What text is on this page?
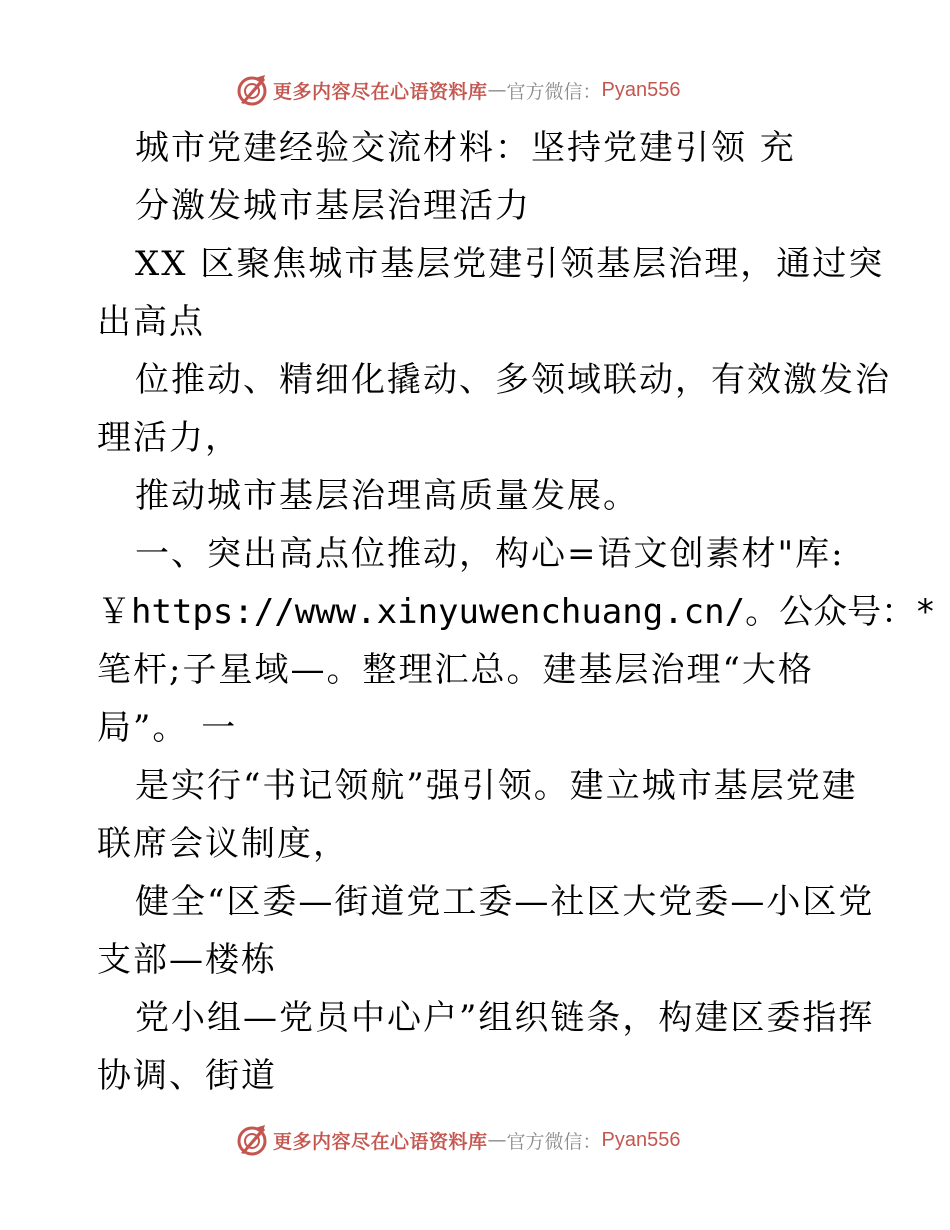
更多内容尽在心语资料库 — 官方微信： Pyan556
城市党建经验交流材料：坚持党建引领 充
分激发城市基层治理活力
XX 区聚焦城市基层党建引领基层治理，通过突
出高点
位推动、精细化撬动、多领域联动，有效激发治
理活力，
推动城市基层治理高质量发展。
一、突出高点位推动，构心=语文创素材"库:
￥https://www.xinyuwenchuang.cn/。公众号：*
笔杆;子星域—。整理汇总。建基层治理“大格
局”。 一
是实行“书记领航”强引领。建立城市基层党建
联席会议制度，
健全“区委—街道党工委—社区大党委—小区党
支部—楼栋
党小组—党员中心户”组织链条，构建区委指挥
协调、街道
更多内容尽在心语资料库 — 官方微信： Pyan556
